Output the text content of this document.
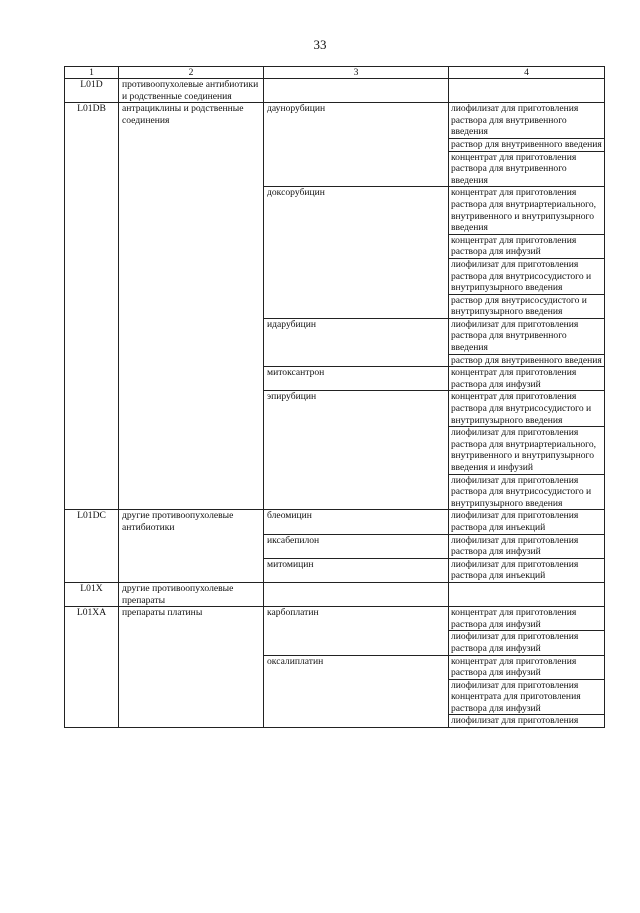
33
1	2	3	4
L01D	противоопухолевые антибиотики и родственные соединения		
L01DB	антрациклины и родственные соединения	даунорубицин	лиофилизат для приготовления раствора для внутривенного введения
			раствор для внутривенного введения
			концентрат для приготовления раствора для внутривенного введения
		доксорубицин	концентрат для приготовления раствора для внутриартериального, внутривенного и внутрипузырного введения
			концентрат для приготовления раствора для инфузий
			лиофилизат для приготовления раствора для внутрисосудистого и внутрипузырного введения
			раствор для внутрисосудистого и внутрипузырного введения
		идарубицин	лиофилизат для приготовления раствора для внутривенного введения
			раствор для внутривенного введения
		митоксантрон	концентрат для приготовления раствора для инфузий
		эпирубицин	концентрат для приготовления раствора для внутрисосудистого и внутрипузырного введения
			лиофилизат для приготовления раствора для внутриартериального, внутривенного и внутрипузырного введения и инфузий
			лиофилизат для приготовления раствора для внутрисосудистого и внутрипузырного введения
L01DC	другие противоопухолевые антибиотики	блеомицин	лиофилизат для приготовления раствора для инъекций
		иксабепилон	лиофилизат для приготовления раствора для инфузий
		митомицин	лиофилизат для приготовления раствора для инъекций
L01X	другие противоопухолевые препараты		
L01XA	препараты платины	карбоплатин	концентрат для приготовления раствора для инфузий
			лиофилизат для приготовления раствора для инфузий
		оксалиплатин	концентрат для приготовления раствора для инфузий
			лиофилизат для приготовления концентрата для приготовления раствора для инфузий
			лиофилизат для приготовления
